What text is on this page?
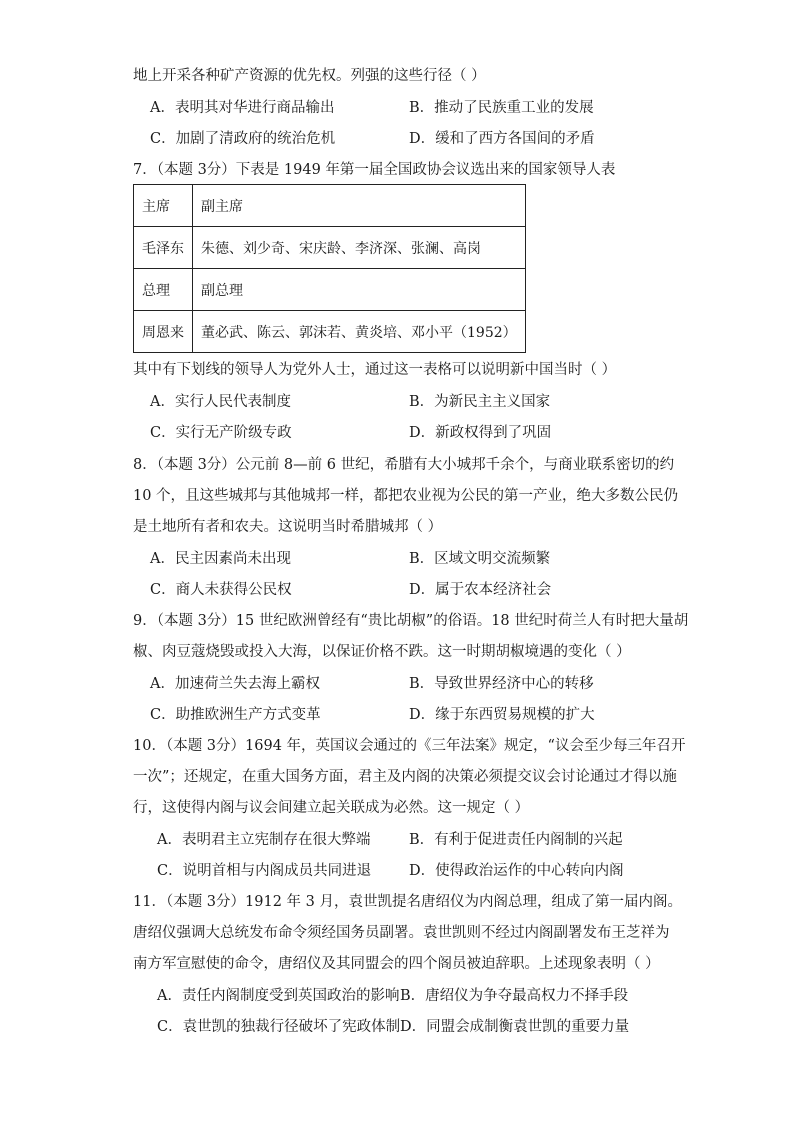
地上开采各种矿产资源的优先权。列强的这些行径（ ）
A．表明其对华进行商品输出	B．推动了民族重工业的发展
C．加剧了清政府的统治危机	D．缓和了西方各国间的矛盾
7．（本题 3分）下表是 1949 年第一届全国政协会议选出来的国家领导人表
主席	副主席
毛泽东	朱德、刘少奇、宋庆龄、李济深、张澜、高岗
总理	副总理
周恩来	董必武、陈云、郭沫若、黄炎培、邓小平（1952）
其中有下划线的领导人为党外人士，通过这一表格可以说明新中国当时（ ）
A．实行人民代表制度	B．为新民主主义国家
C．实行无产阶级专政	D．新政权得到了巩固
8．（本题 3分）公元前 8—前 6 世纪，希腊有大小城邦千余个，与商业联系密切的约
10 个，且这些城邦与其他城邦一样，都把农业视为公民的第一产业，绝大多数公民仍
是土地所有者和农夫。这说明当时希腊城邦（ ）
A．民主因素尚未出现	B．区域文明交流频繁
C．商人未获得公民权	D．属于农本经济社会
9．（本题 3分）15 世纪欧洲曾经有“贵比胡椒”的俗语。18 世纪时荷兰人有时把大量胡
椒、肉豆蔻烧毁或投入大海，以保证价格不跌。这一时期胡椒境遇的变化（ ）
A．加速荷兰失去海上霸权	B．导致世界经济中心的转移
C．助推欧洲生产方式变革	D．缘于东西贸易规模的扩大
10．（本题 3分）1694 年，英国议会通过的《三年法案》规定，“议会至少每三年召开
一次”；还规定，在重大国务方面，君主及内阁的决策必须提交议会讨论通过才得以施
行，这使得内阁与议会间建立起关联成为必然。这一规定（ ）
A．表明君主立宪制存在很大弊端	B．有利于促进责任内阁制的兴起
C．说明首相与内阁成员共同进退	D．使得政治运作的中心转向内阁
11．（本题 3分）1912 年 3 月，袁世凯提名唐绍仪为内阁总理，组成了第一届内阁。
唐绍仪强调大总统发布命令须经国务员副署。袁世凯则不经过内阁副署发布王芝祥为
南方军宣慰使的命令，唐绍仪及其同盟会的四个阁员被迫辞职。上述现象表明（ ）
A．责任内阁制度受到英国政治的影响 B．唐绍仪为争夺最高权力不择手段
C．袁世凯的独裁行径破坏了宪政体制 D．同盟会成制衡袁世凯的重要力量
